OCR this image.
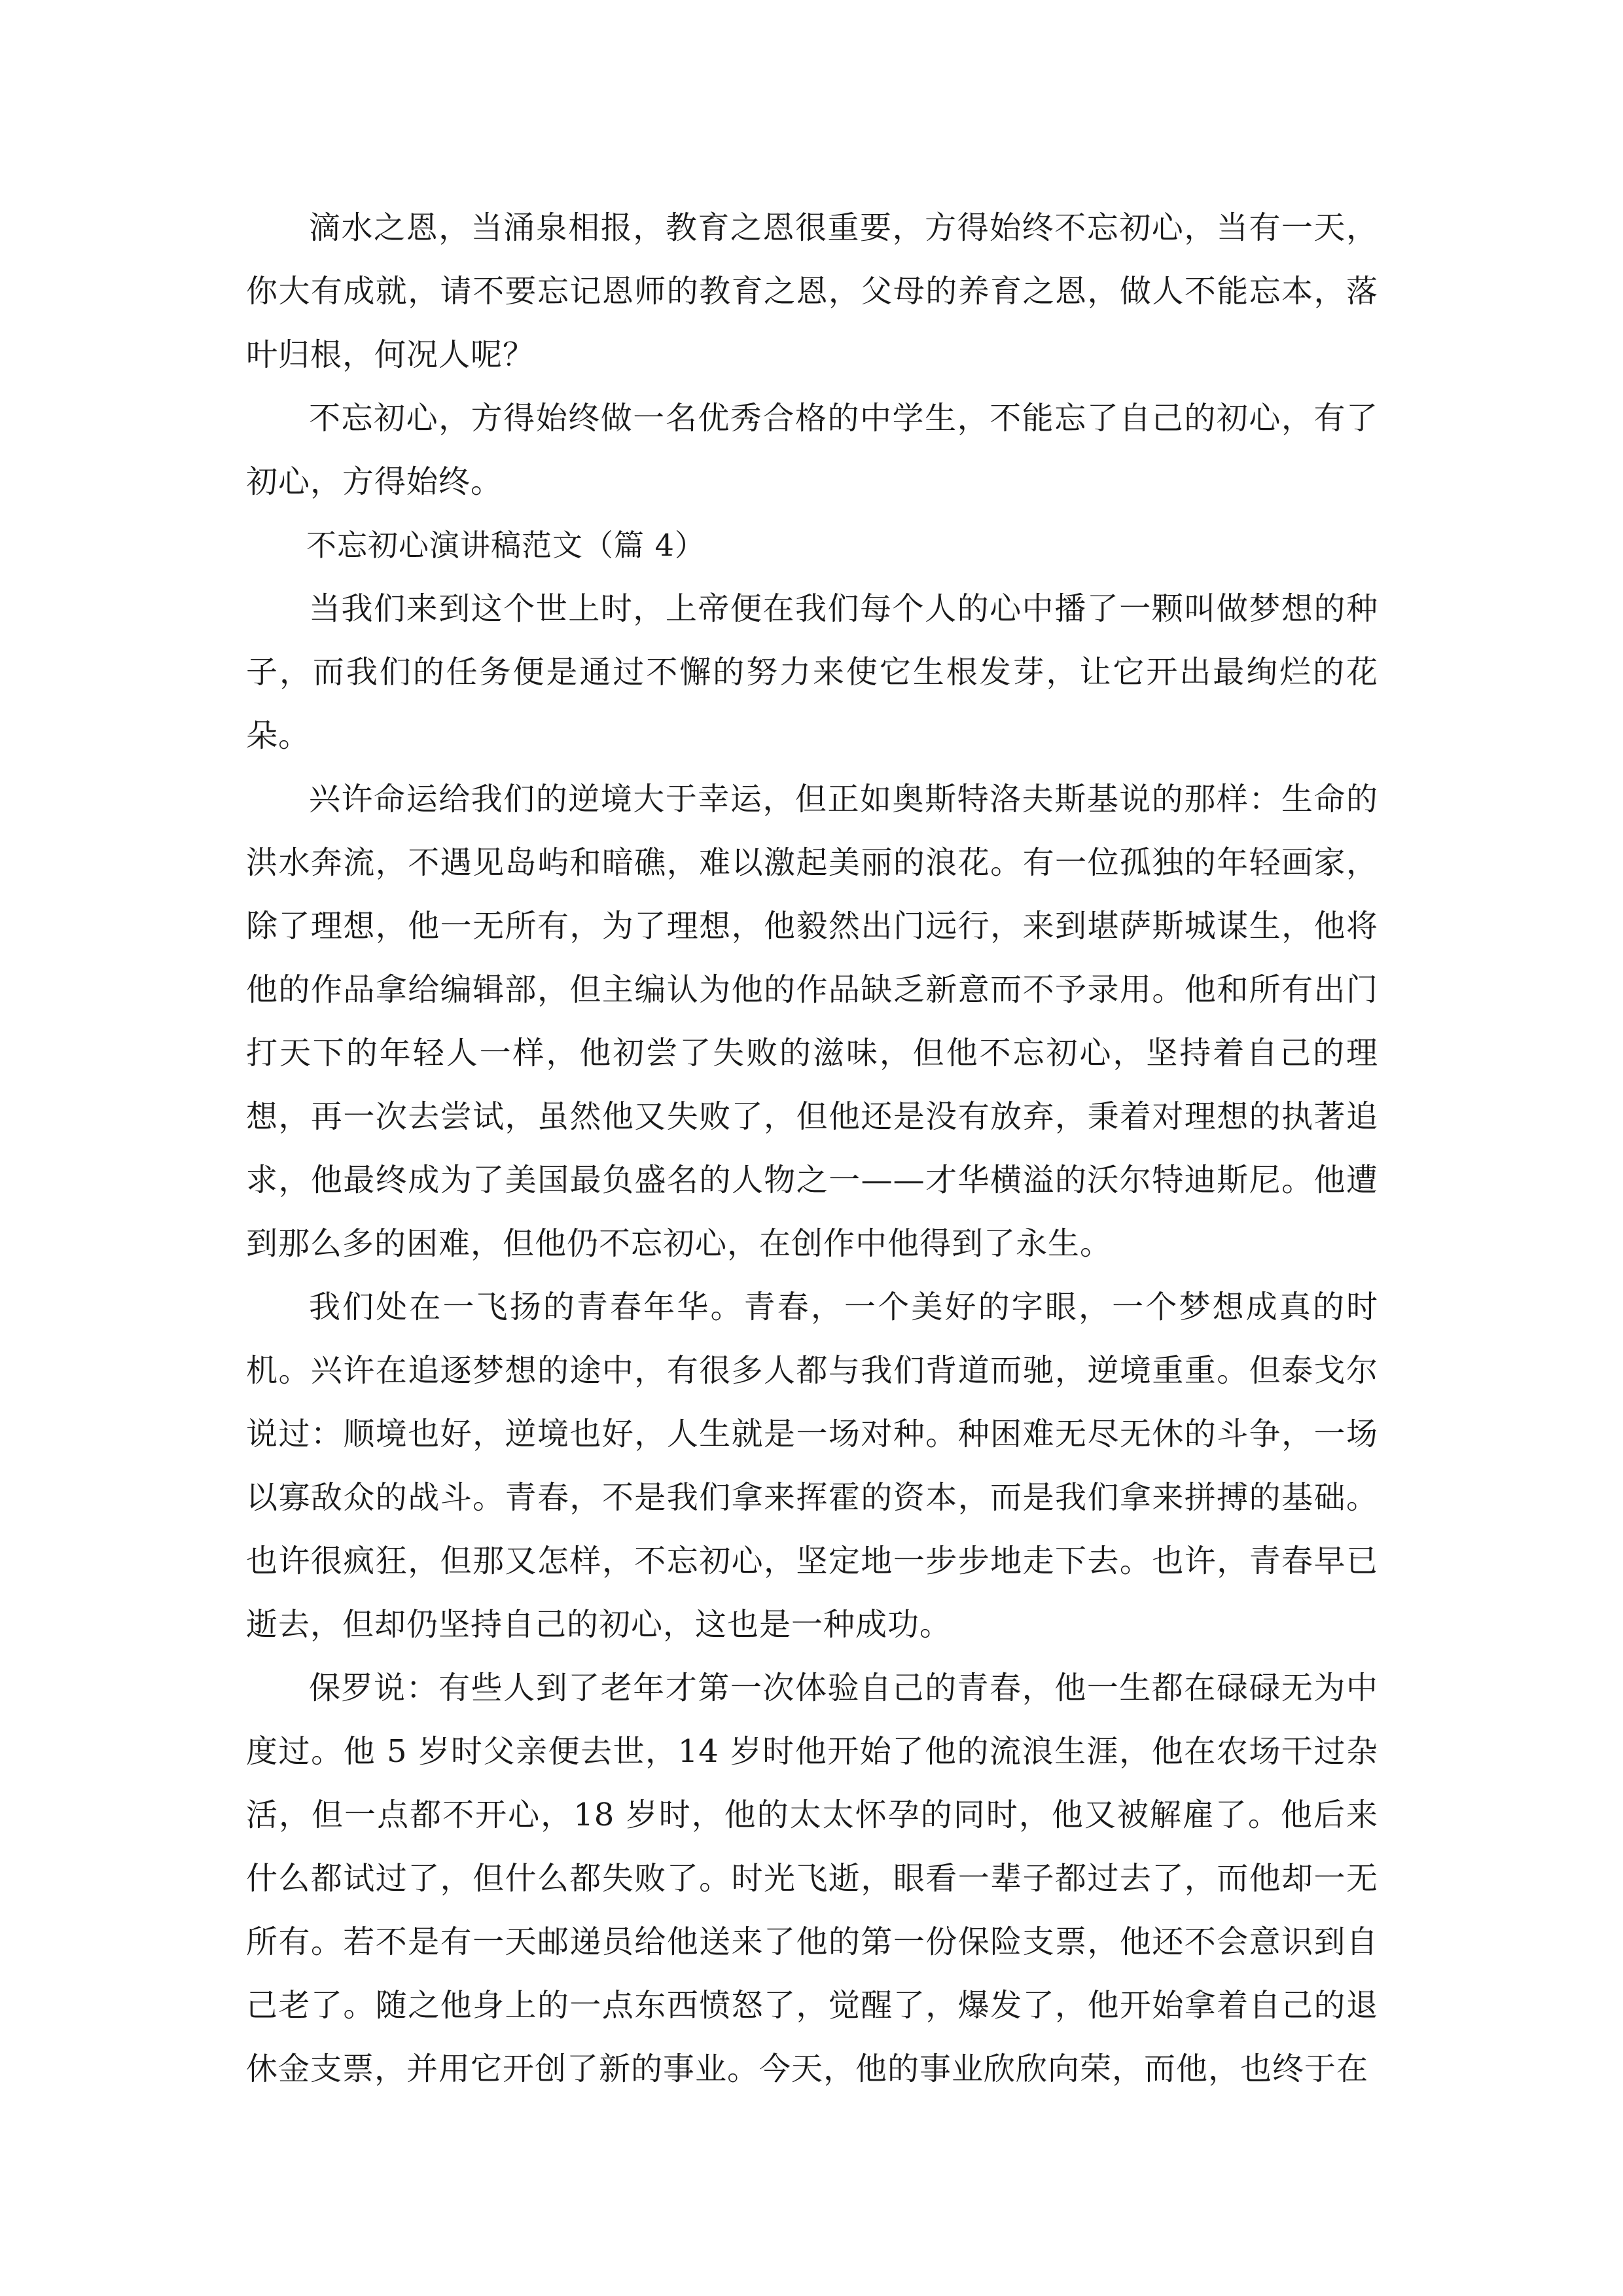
滴水之恩，当涌泉相报，教育之恩很重要，方得始终不忘初心，当有一天，你大有成就，请不要忘记恩师的教育之恩，父母的养育之恩，做人不能忘本，落叶归根，何况人呢？

不忘初心，方得始终做一名优秀合格的中学生，不能忘了自己的初心，有了初心，方得始终。

不忘初心演讲稿范文（篇 4）

当我们来到这个世上时，上帝便在我们每个人的心中播了一颗叫做梦想的种子，而我们的任务便是通过不懈的努力来使它生根发芽，让它开出最绚烂的花朵。

兴许命运给我们的逆境大于幸运，但正如奥斯特洛夫斯基说的那样：生命的洪水奔流，不遇见岛屿和暗礁，难以激起美丽的浪花。有一位孤独的年轻画家，除了理想，他一无所有，为了理想，他毅然出门远行，来到堪萨斯城谋生，他将他的作品拿给编辑部，但主编认为他的作品缺乏新意而不予录用。他和所有出门打天下的年轻人一样，他初尝了失败的滋味，但他不忘初心，坚持着自己的理想，再一次去尝试，虽然他又失败了，但他还是没有放弃，秉着对理想的执著追求，他最终成为了美国最负盛名的人物之一——才华横溢的沃尔特迪斯尼。他遭到那么多的困难，但他仍不忘初心，在创作中他得到了永生。

我们处在一飞扬的青春年华。青春，一个美好的字眼，一个梦想成真的时机。兴许在追逐梦想的途中，有很多人都与我们背道而驰，逆境重重。但泰戈尔说过：顺境也好，逆境也好，人生就是一场对种。种困难无尽无休的斗争，一场以寡敌众的战斗。青春，不是我们拿来挥霍的资本，而是我们拿来拼搏的基础。也许很疯狂，但那又怎样，不忘初心，坚定地一步步地走下去。也许，青春早已逝去，但却仍坚持自己的初心，这也是一种成功。

保罗说：有些人到了老年才第一次体验自己的青春，他一生都在碌碌无为中度过。他 5 岁时父亲便去世，14 岁时他开始了他的流浪生涯，他在农场干过杂活，但一点都不开心，18 岁时，他的太太怀孕的同时，他又被解雇了。他后来什么都试过了，但什么都失败了。时光飞逝，眼看一辈子都过去了，而他却一无所有。若不是有一天邮递员给他送来了他的第一份保险支票，他还不会意识到自己老了。随之他身上的一点东西愤怒了，觉醒了，爆发了，他开始拿着自己的退休金支票，并用它开创了新的事业。今天，他的事业欣欣向荣，而他，也终于在
